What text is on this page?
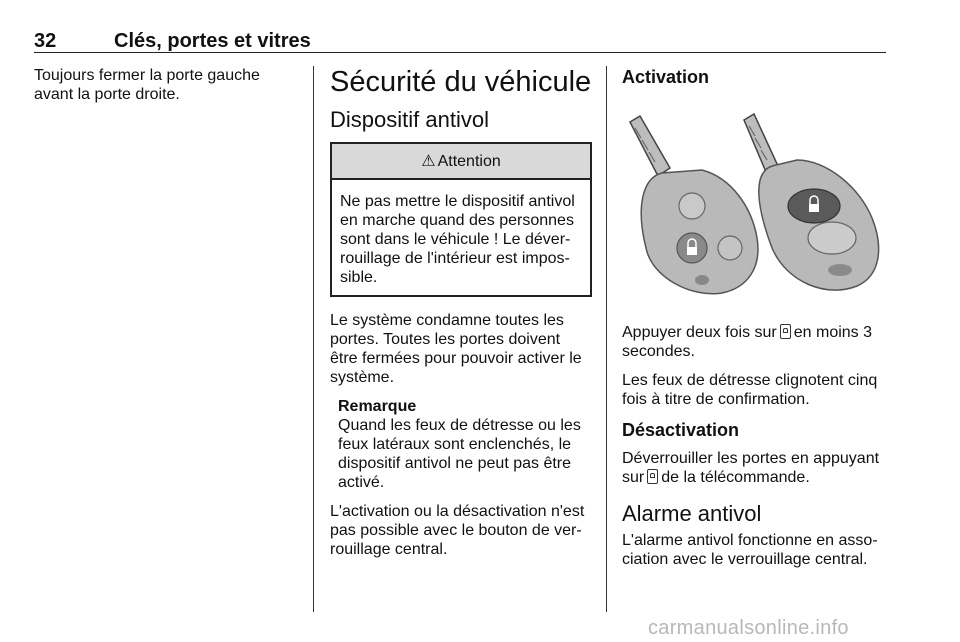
32	Clés, portes et vitres

Toujours fermer la porte gauche avant la porte droite.	Sécurité du véhicule
Dispositif antivol
⚠ Attention
Ne pas mettre le dispositif antivol en marche quand des personnes sont dans le véhicule ! Le déverrouillage de l'intérieur est impossible.

Le système condamne toutes les portes. Toutes les portes doivent être fermées pour pouvoir activer le système.

Remarque
Quand les feux de détresse ou les feux latéraux sont enclenchés, le dispositif antivol ne peut pas être activé.

L'activation ou la désactivation n'est pas possible avec le bouton de verrouillage central.

Activation

Appuyer deux fois sur en moins 3 secondes.

Les feux de détresse clignotent cinq fois à titre de confirmation.

Désactivation

Déverrouiller les portes en appuyant sur de la télécommande.

Alarme antivol

L'alarme antivol fonctionne en association avec le verrouillage central.

carmanualsonline.info
